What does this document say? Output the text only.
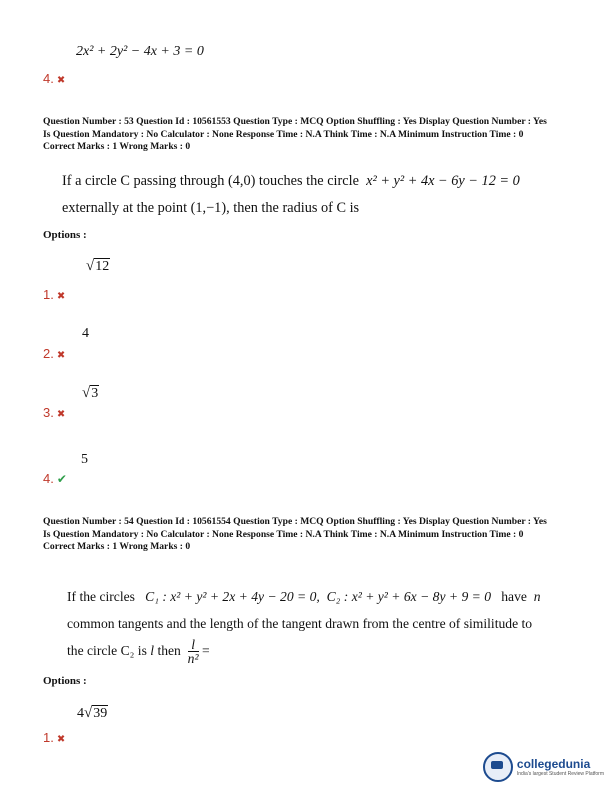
2x² + 2y² − 4x + 3 = 0
4. ✖
Question Number : 53 Question Id : 10561553 Question Type : MCQ Option Shuffling : Yes Display Question Number : Yes
Is Question Mandatory : No Calculator : None Response Time : N.A Think Time : N.A Minimum Instruction Time : 0
Correct Marks : 1 Wrong Marks : 0
If a circle C passing through (4,0) touches the circle x² + y² + 4x − 6y − 12 = 0
externally at the point (1,−1), then the radius of C is
Options :
√12
1. ✖
4
2. ✖
√3
3. ✖
5
4. ✔
Question Number : 54 Question Id : 10561554 Question Type : MCQ Option Shuffling : Yes Display Question Number : Yes
Is Question Mandatory : No Calculator : None Response Time : N.A Think Time : N.A Minimum Instruction Time : 0
Correct Marks : 1 Wrong Marks : 0
If the circles C₁ : x² + y² + 2x + 4y − 20 = 0, C₂ : x² + y² + 6x − 8y + 9 = 0 have n
common tangents and the length of the tangent drawn from the centre of similitude to
the circle C₂ is l then $\frac{l}{\text{n²}}$ =
Options :
4√39
1. ✖
collegedunia
India's largest Student Review Platform
